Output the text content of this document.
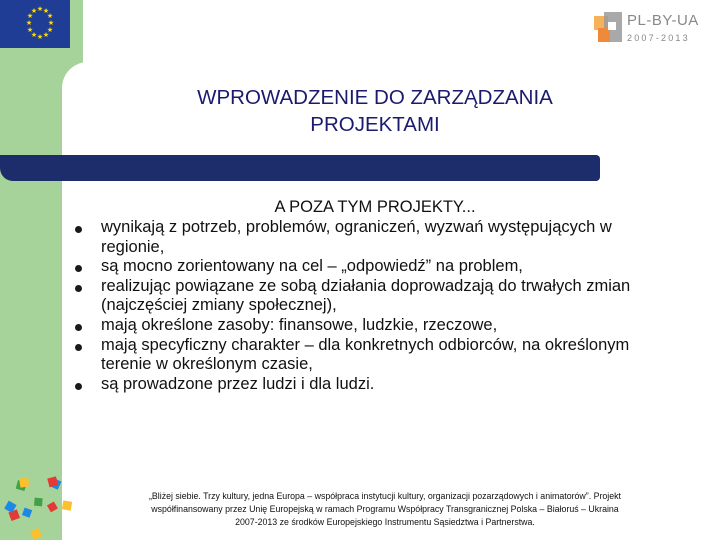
★ ★
★
★
★
★
★
★
★
★
★
★
PL-BY-UA
2007-2013
WPROWADZENIE DO ZARZĄDZANIA
PROJEKTAMI
A POZA TYM PROJEKTY...
wynikają z potrzeb, problemów, ograniczeń, wyzwań występujących w regionie,
są mocno zorientowany na cel – „odpowiedź” na problem,
realizując powiązane ze sobą działania doprowadzają do trwałych zmian (najczęściej zmiany społecznej),
mają określone zasoby: finansowe, ludzkie, rzeczowe,
mają specyficzny charakter – dla konkretnych odbiorców, na określonym terenie w określonym czasie,
są prowadzone przez ludzi i dla ludzi.
„Bliżej siebie. Trzy kultury, jedna Europa – współpraca instytucji kultury, organizacji pozarządowych i animatorów”. Projekt
współfinansowany przez Unię Europejską w ramach Programu Współpracy Transgranicznej Polska – Białoruś – Ukraina
2007-2013 ze środków Europejskiego Instrumentu Sąsiedztwa i Partnerstwa.
